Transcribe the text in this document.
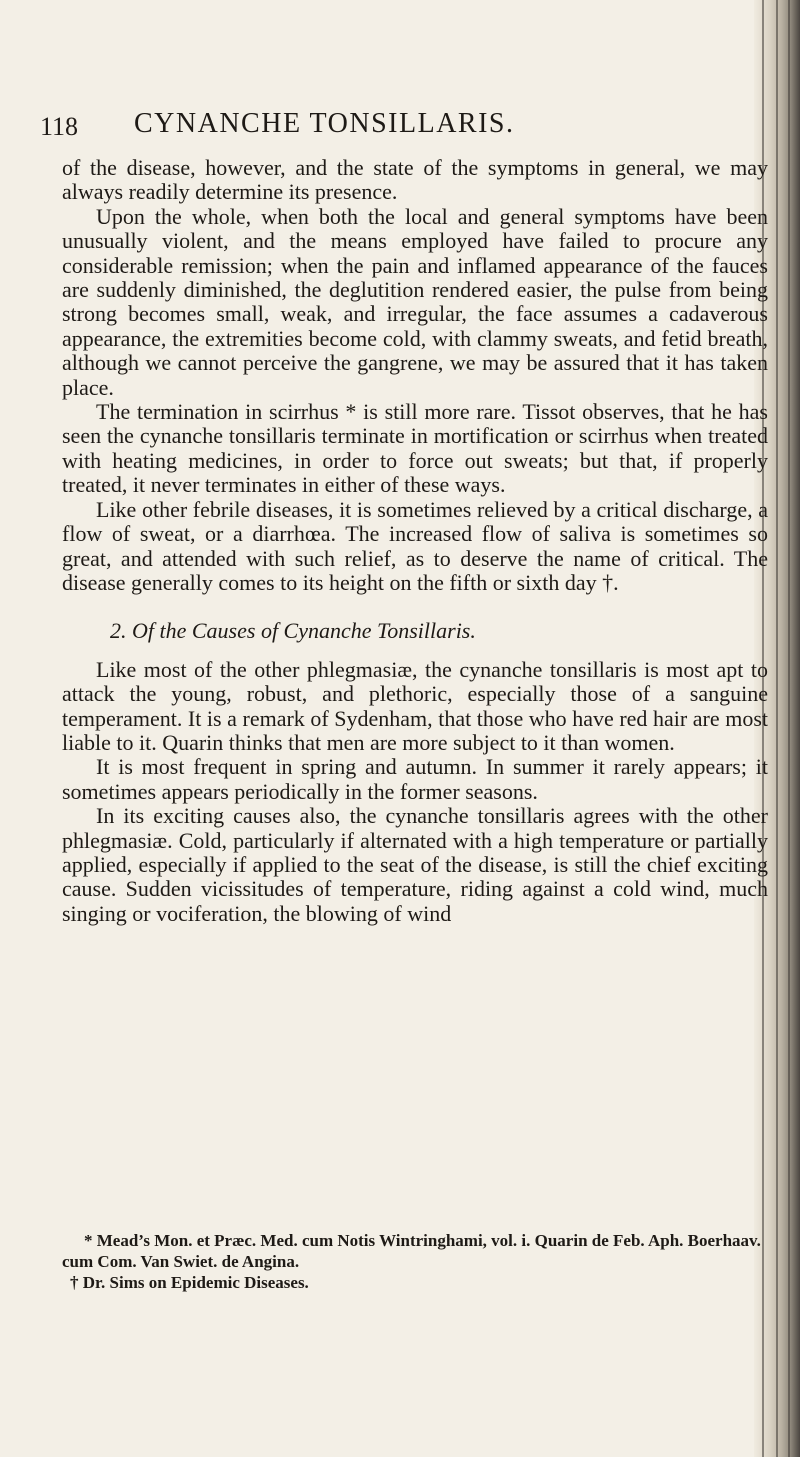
118 CYNANCHE TONSILLARIS.

of the disease, however, and the state of the symptoms in general, we may always readily determine its presence.

Upon the whole, when both the local and general symptoms have been unusually violent, and the means employed have failed to procure any considerable remission; when the pain and inflamed appearance of the fauces are suddenly diminished, the deglutition rendered easier, the pulse from being strong becomes small, weak, and irregular, the face assumes a cadaverous appearance, the extremities become cold, with clammy sweats, and fetid breath, although we cannot perceive the gangrene, we may be assured that it has taken place.

The termination in scirrhus * is still more rare. Tissot observes, that he has seen the cynanche tonsillaris terminate in mortification or scirrhus when treated with heating medicines, in order to force out sweats; but that, if properly treated, it never terminates in either of these ways.

Like other febrile diseases, it is sometimes relieved by a critical discharge, a flow of sweat, or a diarrhœa. The increased flow of saliva is sometimes so great, and attended with such relief, as to deserve the name of critical. The disease generally comes to its height on the fifth or sixth day †.

2. Of the Causes of Cynanche Tonsillaris.

Like most of the other phlegmasiæ, the cynanche tonsillaris is most apt to attack the young, robust, and plethoric, especially those of a sanguine temperament. It is a remark of Sydenham, that those who have red hair are most liable to it. Quarin thinks that men are more subject to it than women.

It is most frequent in spring and autumn. In summer it rarely appears; it sometimes appears periodically in the former seasons.

In its exciting causes also, the cynanche tonsillaris agrees with the other phlegmasiæ. Cold, particularly if alternated with a high temperature or partially applied, especially if applied to the seat of the disease, is still the chief exciting cause. Sudden vicissitudes of temperature, riding against a cold wind, much singing or vociferation, the blowing of wind

* Mead’s Mon. et Præc. Med. cum Notis Wintringhami, vol. i. Quarin de Feb. Aph. Boerhaav. cum Com. Van Swiet. de Angina.

† Dr. Sims on Epidemic Diseases.
